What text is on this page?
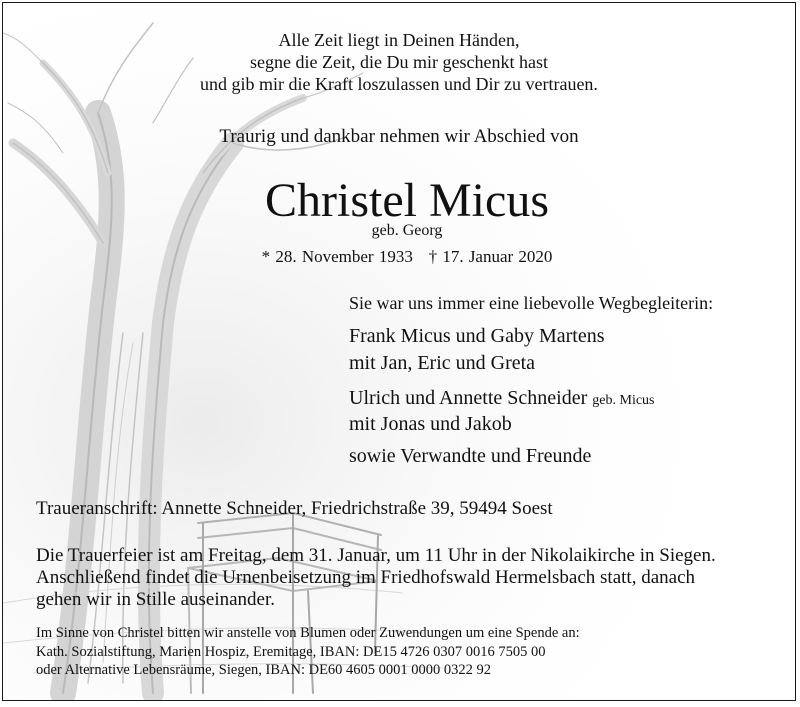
Alle Zeit liegt in Deinen Händen,
segne die Zeit, die Du mir geschenkt hast
und gib mir die Kraft loszulassen und Dir zu vertrauen.
Traurig und dankbar nehmen wir Abschied von
Christel Micus
geb. Georg
* 28. November 1933   † 17. Januar 2020
Sie war uns immer eine liebevolle Wegbegleiterin:
Frank Micus und Gaby Martens
mit Jan, Eric und Greta
Ulrich und Annette Schneider geb. Micus
mit Jonas und Jakob
sowie Verwandte und Freunde
Traueranschrift: Annette Schneider, Friedrichstraße 39, 59494 Soest
Die Trauerfeier ist am Freitag, dem 31. Januar, um 11 Uhr in der Nikolaikirche in Siegen.
Anschließend findet die Urnenbeisetzung im Friedhofswald Hermelsbach statt, danach
gehen wir in Stille auseinander.
Im Sinne von Christel bitten wir anstelle von Blumen oder Zuwendungen um eine Spende an:
Kath. Sozialstiftung, Marien Hospiz, Eremitage, IBAN: DE15 4726 0307 0016 7505 00
oder Alternative Lebensräume, Siegen, IBAN: DE60 4605 0001 0000 0322 92
